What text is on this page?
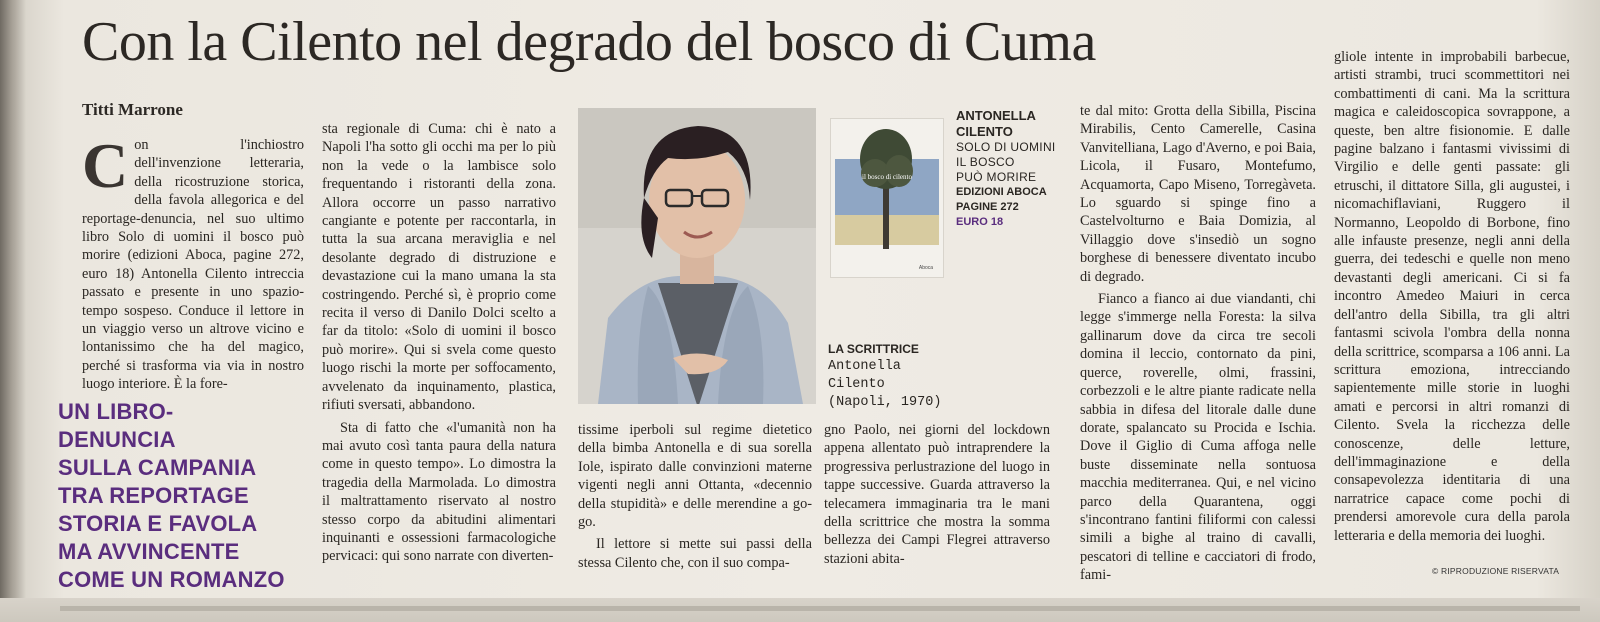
Con la Cilento nel degrado del bosco di Cuma
Titti Marrone
C on l'inchiostro dell'invenzione letteraria, della ricostruzione storica, della favola allegorica e del reportage-denuncia, nel suo ultimo libro Solo di uomini il bosco può morire (edizioni Aboca, pagine 272, euro 18) Antonella Cilento intreccia passato e presente in uno spazio-tempo sospeso. Conduce il lettore in un viaggio verso un altrove vicino e lontanissimo che ha del magico, perché si trasforma via via in nostro luogo interiore. È la fore-

UN LIBRO-DENUNCIA
SULLA CAMPANIA
TRA REPORTAGE
STORIA E FAVOLA
MA AVVINCENTE
COME UN ROMANZO

sta regionale di Cuma: chi è nato a Napoli l'ha sotto gli occhi ma per lo più non la vede o la lambisce solo frequentando i ristoranti della zona. Allora occorre un passo narrativo cangiante e potente per raccontarla, in tutta la sua arcana meraviglia e nel desolante degrado di distruzione e devastazione cui la mano umana la sta costringendo. Perché sì, è proprio come recita il verso di Danilo Dolci scelto a far da titolo: «Solo di uomini il bosco può morire». Qui si svela come questo luogo rischi la morte per soffocamento, avvelenato da inquinamento, plastica, rifiuti sversati, abbandono.

Sta di fatto che «l'umanità non ha mai avuto così tanta paura della natura come in questo tempo». Lo dimostra la tragedia della Marmolada. Lo dimostra il maltrattamento riservato al nostro stesso corpo da abitudini alimentari inquinanti e ossessioni farmacologiche pervicaci: qui sono narrate con diverten-

LA SCRITTRICE
Antonella
Cilento
(Napoli, 1970)
il bosco di cilento
Aboca
ANTONELLA
CILENTO
SOLO DI UOMINI
IL BOSCO
PUÒ MORIRE
EDIZIONI ABOCA
PAGINE 272
EURO 18

tissime iperboli sul regime dietetico della bimba Antonella e di sua sorella Iole, ispirato dalle convinzioni materne vigenti negli anni Ottanta, «decennio della stupidità» e delle merendine a go-go.

Il lettore si mette sui passi della stessa Cilento che, con il suo compa-

gno Paolo, nei giorni del lockdown appena allentato può intraprendere la progressiva perlustrazione del luogo in tappe successive. Guarda attraverso la telecamera immaginaria tra le mani della scrittrice che mostra la somma bellezza dei Campi Flegrei attraverso stazioni abita-

te dal mito: Grotta della Sibilla, Piscina Mirabilis, Cento Camerelle, Casina Vanvitelliana, Lago d'Averno, e poi Baia, Licola, il Fusaro, Montefumo, Acquamorta, Capo Miseno, Torregàveta. Lo sguardo si spinge fino a Castelvolturno e Baia Domizia, al Villaggio dove s'insediò un sogno borghese di benessere diventato incubo di degrado.

Fianco a fianco ai due viandanti, chi legge s'immerge nella Foresta: la silva gallinarum dove da circa tre secoli domina il leccio, contornato da pini, querce, roverelle, olmi, frassini, corbezzoli e le altre piante radicate nella sabbia in difesa del litorale dalle dune dorate, spalancato su Procida e Ischia. Dove il Giglio di Cuma affoga nelle buste disseminate nella sontuosa macchia mediterranea. Qui, e nel vicino parco della Quarantena, oggi s'incontrano fantini filiformi con calessi simili a bighe al traino di cavalli, pescatori di telline e cacciatori di frodo, fami-

gliole intente in improbabili barbecue, artisti strambi, truci scommettitori nei combattimenti di cani. Ma la scrittura magica e caleidoscopica sovrappone, a queste, ben altre fisionomie. E dalle pagine balzano i fantasmi vivissimi di Virgilio e delle genti passate: gli etruschi, il dittatore Silla, gli augustei, i nicomachiflaviani, Ruggero il Normanno, Leopoldo di Borbone, fino alle infauste presenze, negli anni della guerra, dei tedeschi e quelle non meno devastanti degli americani. Ci si fa incontro Amedeo Maiuri in cerca dell'antro della Sibilla, tra gli altri fantasmi scivola l'ombra della nonna della scrittrice, scomparsa a 106 anni. La scrittura emoziona, intrecciando sapientemente mille storie in luoghi amati e percorsi in altri romanzi di Cilento. Svela la ricchezza delle conoscenze, delle letture, dell'immaginazione e della consapevolezza identitaria di una narratrice capace come pochi di prendersi amorevole cura della parola letteraria e della memoria dei luoghi.

© RIPRODUZIONE RISERVATA
